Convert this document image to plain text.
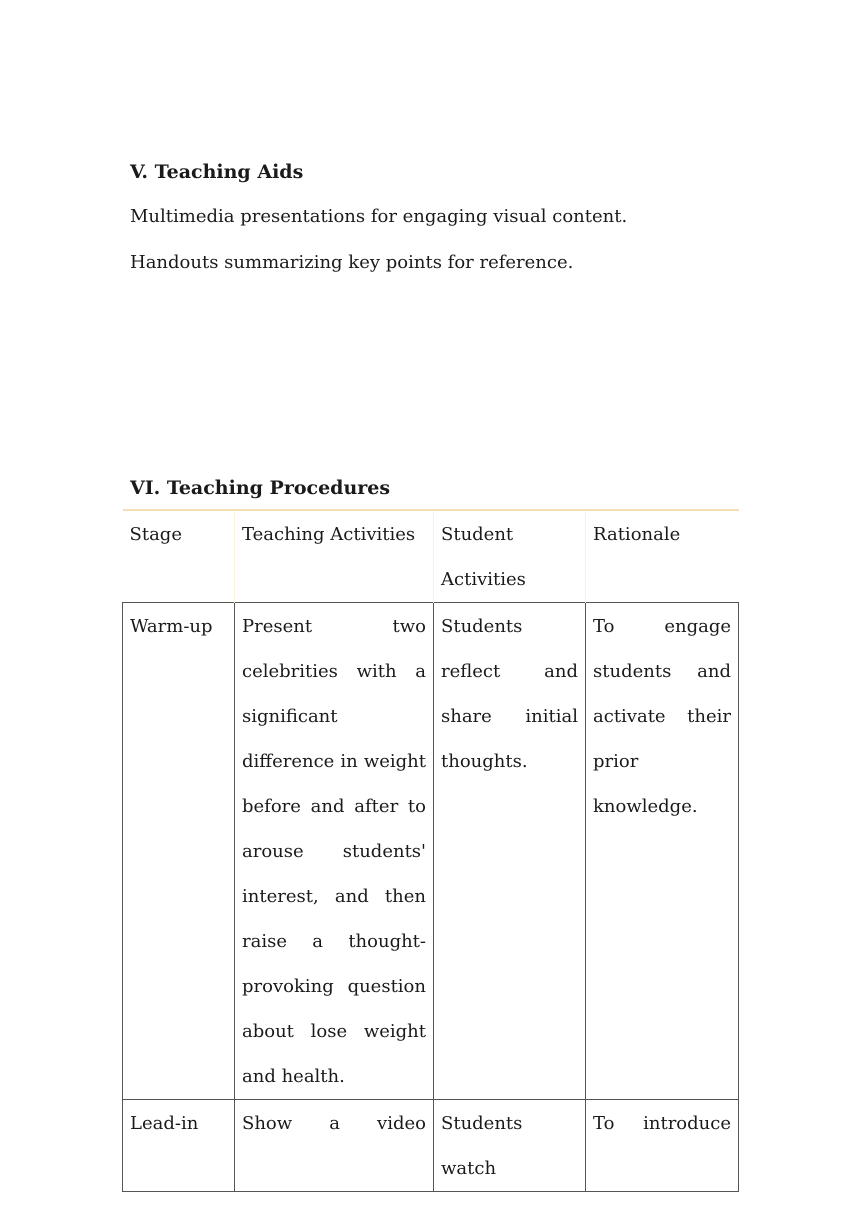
V. Teaching Aids
Multimedia presentations for engaging visual content.
Handouts summarizing key points for reference.
VI. Teaching Procedures
Stage	Teaching Activities	Student Activities	Rationale

Warm-up	Present two celebrities with a significant difference in weight before and after to arouse students' interest, and then raise a thought-provoking question about lose weight and health.	Students reflect and share initial thoughts.	To engage students and activate their prior knowledge.

Lead-in	Show a video	Students watch	To introduce
